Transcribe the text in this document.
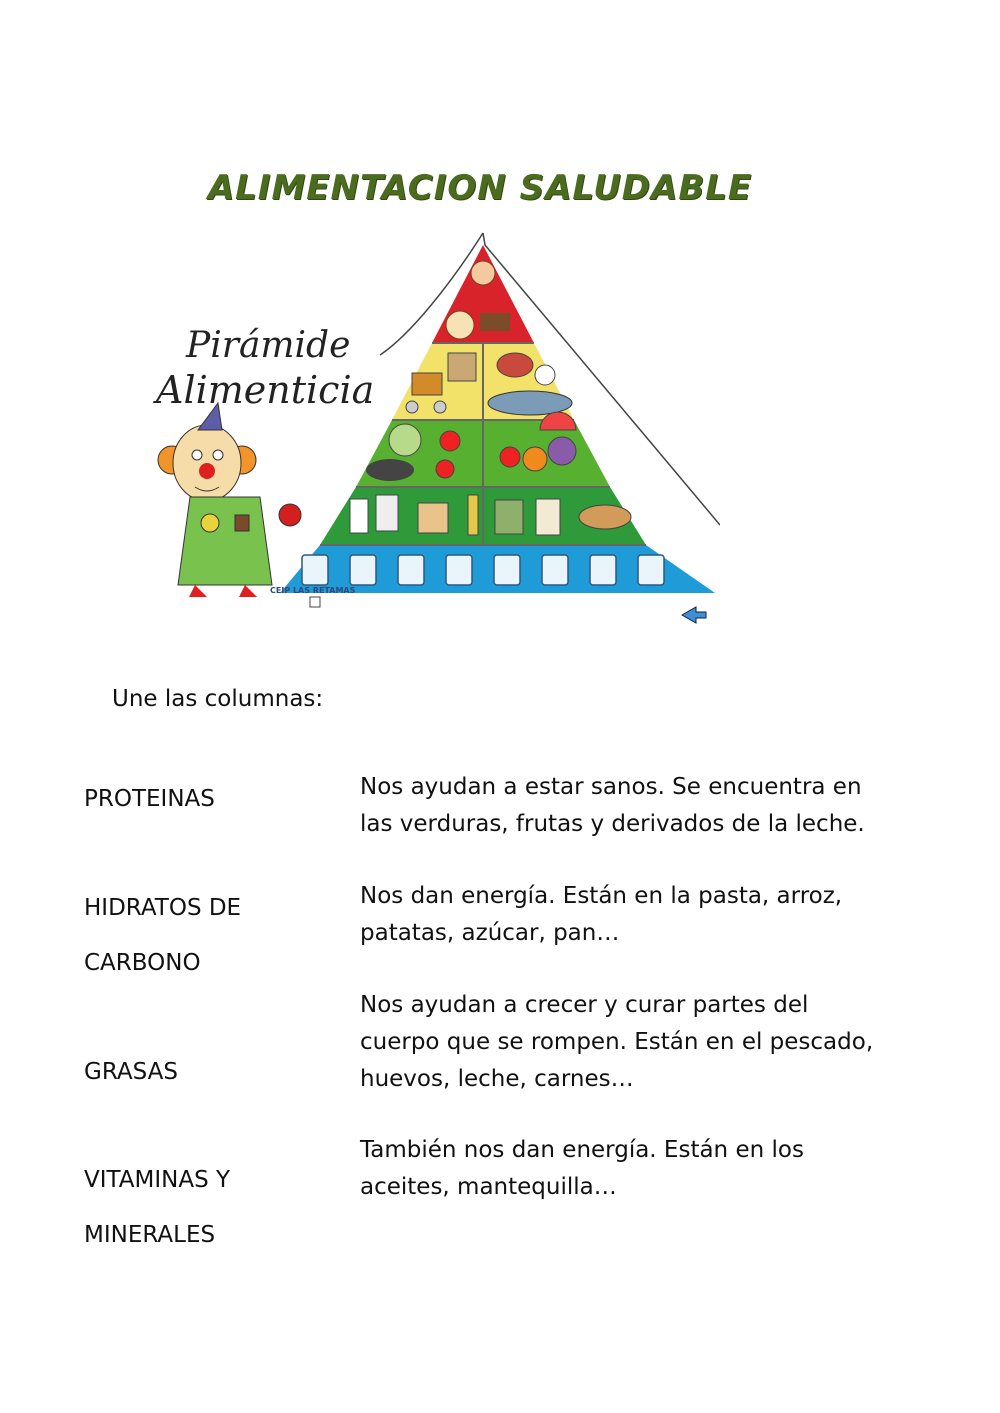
ALIMENTACION SALUDABLE
Pirámide
Alimenticia
CEIP LAS RETAMAS
Une las columnas:
PROTEINAS
HIDRATOS DE
CARBONO
GRASAS
VITAMINAS Y
MINERALES
Nos ayudan a estar sanos. Se encuentra en
las verduras, frutas y derivados de la leche.
Nos dan energía. Están en la pasta, arroz,
patatas, azúcar, pan…
Nos ayudan a crecer y curar partes del
cuerpo que se rompen. Están en el pescado,
huevos, leche, carnes…
También nos dan energía. Están en los
aceites, mantequilla…
